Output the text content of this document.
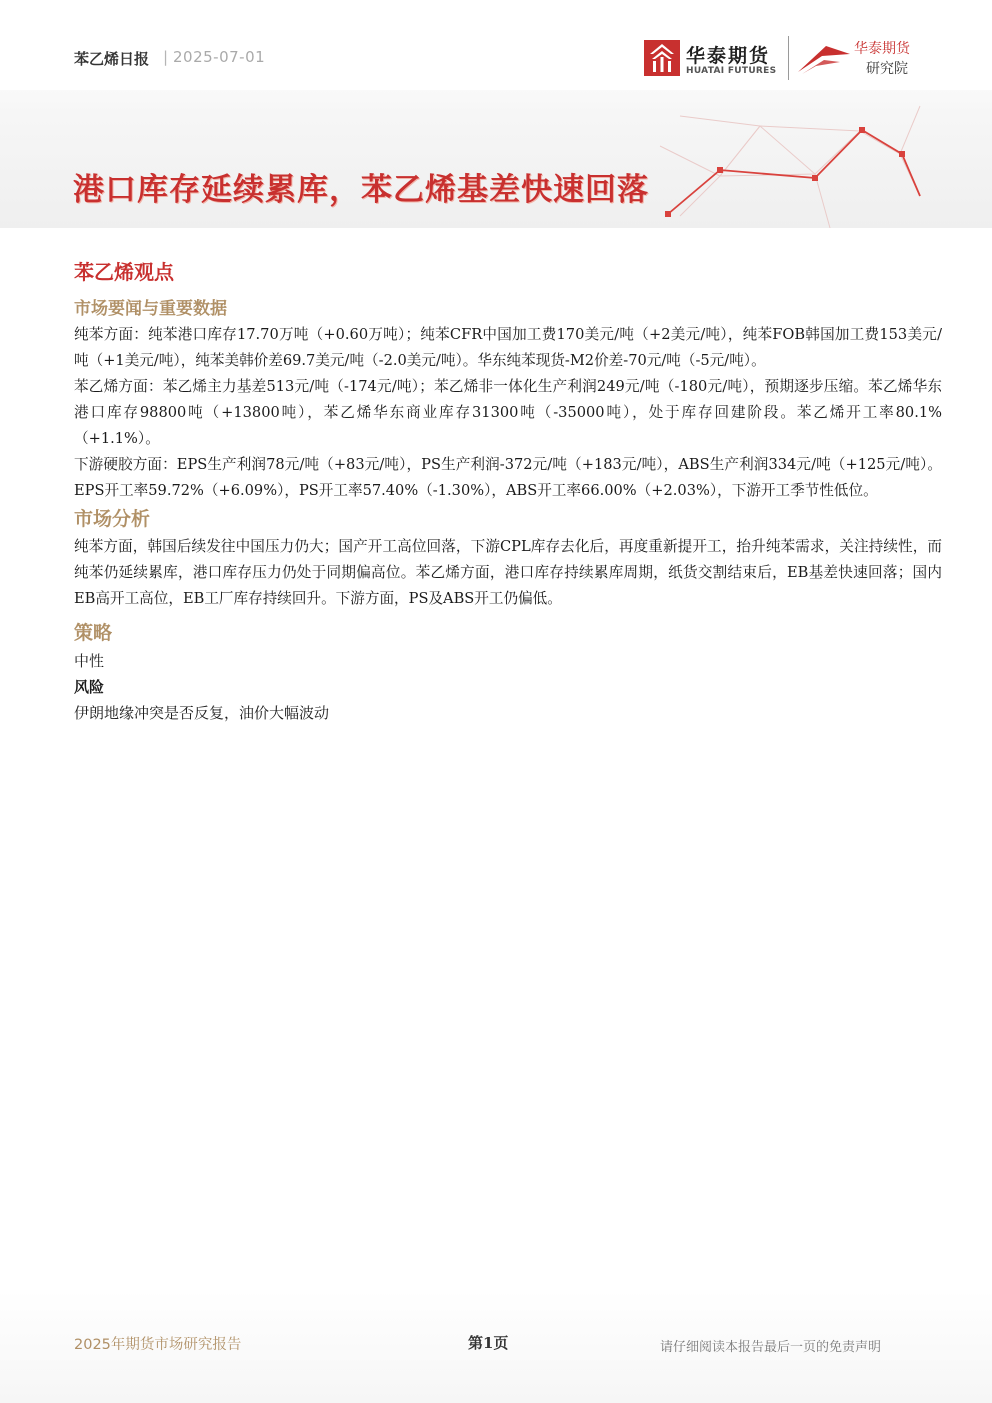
苯乙烯日报 | 2025-07-01	华泰期货
HUATAI FUTURES
华泰期货
研究院
港口库存延续累库，苯乙烯基差快速回落
苯乙烯观点
市场要闻与重要数据

纯苯方面：纯苯港口库存17.70万吨（+0.60万吨）；纯苯CFR中国加工费170美元/吨（+2美元/吨），纯苯FOB韩国加工费153美元/吨（+1美元/吨），纯苯美韩价差69.7美元/吨（-2.0美元/吨）。华东纯苯现货-M2价差-70元/吨（-5元/吨）。

苯乙烯方面：苯乙烯主力基差513元/吨（-174元/吨）；苯乙烯非一体化生产利润249元/吨（-180元/吨），预期逐步压缩。苯乙烯华东港口库存98800吨（+13800吨），苯乙烯华东商业库存31300吨（-35000吨），处于库存回建阶段。苯乙烯开工率80.1%（+1.1%）。

下游硬胶方面：EPS生产利润78元/吨（+83元/吨），PS生产利润-372元/吨（+183元/吨），ABS生产利润334元/吨（+125元/吨）。EPS开工率59.72%（+6.09%），PS开工率57.40%（-1.30%），ABS开工率66.00%（+2.03%），下游开工季节性低位。

市场分析

纯苯方面，韩国后续发往中国压力仍大；国产开工高位回落，下游CPL库存去化后，再度重新提开工，抬升纯苯需求，关注持续性，而纯苯仍延续累库，港口库存压力仍处于同期偏高位。苯乙烯方面，港口库存持续累库周期，纸货交割结束后，EB基差快速回落；国内EB高开工高位，EB工厂库存持续回升。下游方面，PS及ABS开工仍偏低。

策略

中性

风险

伊朗地缘冲突是否反复，油价大幅波动

2025年期货市场研究报告	第1页	请仔细阅读本报告最后一页的免责声明
